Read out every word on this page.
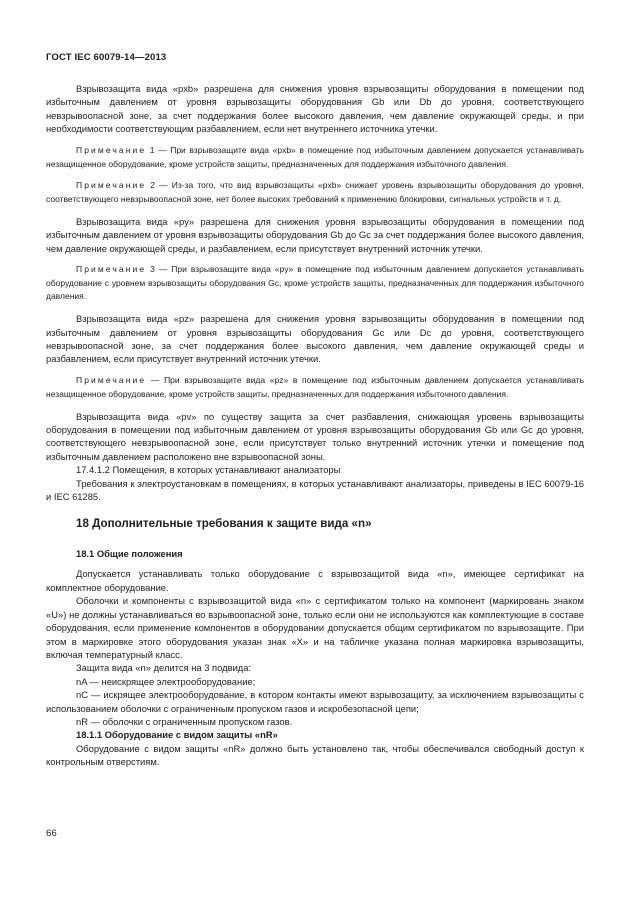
ГОСТ IEC 60079-14—2013

Взрывозащита вида «pxb» разрешена для снижения уровня взрывозащиты оборудования в помещении под избыточным давлением от уровня взрывозащиты оборудования Gb или Db до уровня, соответствующего невзрывоопасной зоне, за счет поддержания более высокого давления, чем давление окружающей среды, и при необходимости соответствующим разбавлением, если нет внутреннего источника утечки.

Примечание 1 — При взрывозащите вида «pxb» в помещение под избыточным давлением допускается устанавливать незащищенное оборудование, кроме устройств защиты, предназначенных для поддержания избыточного давления.

Примечание 2 — Из-за того, что вид взрывозащиты «pxb» снижает уровень взрывозащиты оборудования до уровня, соответствующего невзрывоопасной зоне, нет более высоких требований к применению блокировки, сигнальных устройств и т. д.

Взрывозащита вида «py» разрешена для снижения уровня взрывозащиты оборудования в помещении под избыточным давлением от уровня взрывозащиты оборудования Gb до Gc за счет поддержания более высокого давления, чем давление окружающей среды, и разбавлением, если присутствует внутренний источник утечки.

Примечание 3 — При взрывозащите вида «py» в помещение под избыточным давлением допускается устанавливать оборудование с уровнем взрывозащиты оборудования Gc, кроме устройств защиты, предназначенных для поддержания избыточного давления.

Взрывозащита вида «pz» разрешена для снижения уровня взрывозащиты оборудования в помещении под избыточным давлением от уровня взрывозащиты оборудования Gc или Dc до уровня, соответствующего невзрывоопасной зоне, за счет поддержания более высокого давления, чем давление окружающей среды и разбавлением, если присутствует внутренний источник утечки.

Примечание — При взрывозащите вида «pz» в помещение под избыточным давлением допускается устанавливать незащищенное оборудование, кроме устройств защиты, предназначенных для поддержания избыточного давления.

Взрывозащита вида «pv» по существу защита за счет разбавления, снижающая уровень взрывозащиты оборудования в помещении под избыточным давлением от уровня взрывозащиты оборудования Gb или Gc до уровня, соответствующего невзрывоопасной зоне, если присутствует только внутренний источник утечки и помещение под избыточным давлением расположено вне взрывоопасной зоны.

17.4.1.2 Помещения, в которых устанавливают анализаторы

Требования к электроустановкам в помещениях, в которых устанавливают анализаторы, приведены в IEC 60079-16 и IEC 61285.

18 Дополнительные требования к защите вида «n»

18.1 Общие положения

Допускается устанавливать только оборудование с взрывозащитой вида «n», имеющее сертификат на комплектное оборудование.

Оболочки и компоненты с взрывозащитой вида «n» с сертификатом только на компонент (маркировань знаком «U») не должны устанавливаться во взрывоопасной зоне, только если они не используются как комплектующие в составе оборудования, если применение компонентов в оборудовании допускается общим сертификатом по взрывозащите. При этом в маркировке этого оборудования указан знак «X» и на табличке указана полная маркировка взрывозащиты, включая температурный класс.

Защита вида «n» делится на 3 подвида:

nA — неискрящее электрооборудование;

nC — искрящее электрооборудование, в котором контакты имеют взрывозащиту, за исключением взрывозащиты с использованием оболочки с ограниченным пропуском газов и искробезопасной цепи;

nR — оболочки с ограниченным пропуском газов.

18.1.1 Оборудование с видом защиты «nR»

Оборудование с видом защиты «nR» должно быть установлено так, чтобы обеспечивался свободный доступ к контрольным отверстиям.

66
